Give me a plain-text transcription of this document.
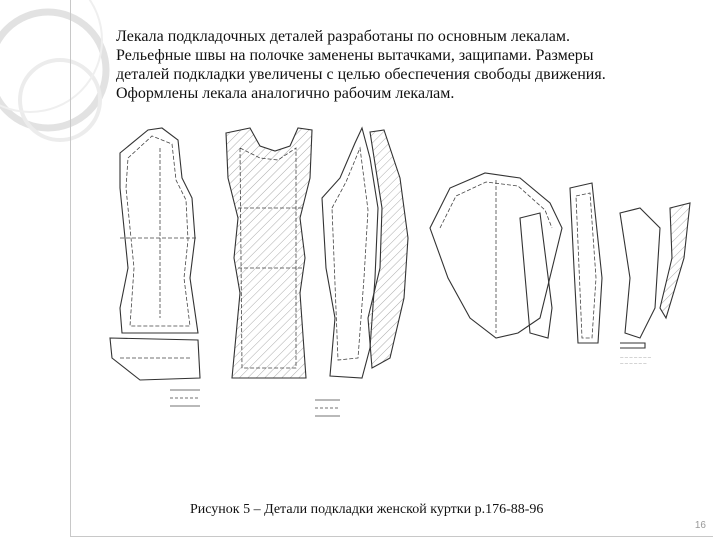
Лекала подкладочных деталей разработаны по основным лекалам.
Рельефные швы на полочке заменены вытачками, защипами. Размеры
деталей подкладки увеличены с целью обеспечения свободы движения.
Оформлены лекала аналогично рабочим лекалам.

— — — — — — —
— — — — — —
Рисунок 5 – Детали подкладки женской куртки р.176-88-96
16
